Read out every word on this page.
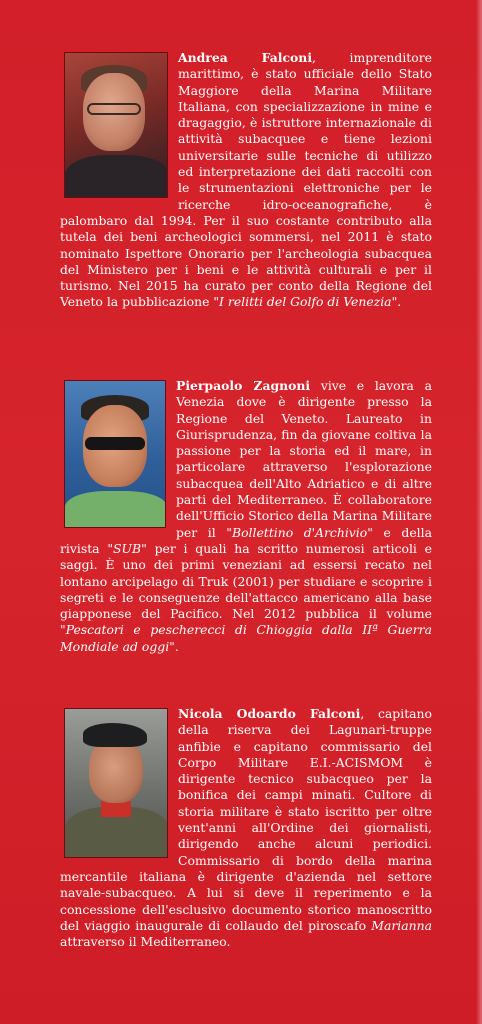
Andrea Falconi, imprenditore marittimo, è stato ufficiale dello Stato Maggiore della Marina Militare Italiana, con specializzazione in mine e dragaggio, è istruttore internazionale di attività subacquee e tiene lezioni universitarie sulle tecniche di utilizzo ed interpretazione dei dati raccolti con le strumentazioni elettroniche per le ricerche idro-oceanografiche, è palombaro dal 1994. Per il suo costante contributo alla tutela dei beni archeologici sommersi, nel 2011 è stato nominato Ispettore Onorario per l'archeologia subacquea del Ministero per i beni e le attività culturali e per il turismo. Nel 2015 ha curato per conto della Regione del Veneto la pubblicazione "I relitti del Golfo di Venezia".

Pierpaolo Zagnoni vive e lavora a Venezia dove è dirigente presso la Regione del Veneto. Laureato in Giurisprudenza, fin da giovane coltiva la passione per la storia ed il mare, in particolare attraverso l'esplorazione subacquea dell'Alto Adriatico e di altre parti del Mediterraneo. È collaboratore dell'Ufficio Storico della Marina Militare per il "Bollettino d'Archivio" e della rivista "SUB" per i quali ha scritto numerosi articoli e saggi. È uno dei primi veneziani ad essersi recato nel lontano arcipelago di Truk (2001) per studiare e scoprire i segreti e le conseguenze dell'attacco americano alla base giapponese del Pacifico. Nel 2012 pubblica il volume "Pescatori e pescherecci di Chioggia dalla IIª Guerra Mondiale ad oggi".

Nicola Odoardo Falconi, capitano della riserva dei Lagunari-truppe anfibie e capitano commissario del Corpo Militare E.I.-ACISMOM è dirigente tecnico subacqueo per la bonifica dei campi minati. Cultore di storia militare è stato iscritto per oltre vent'anni all'Ordine dei giornalisti, dirigendo anche alcuni periodici. Commissario di bordo della marina mercantile italiana è dirigente d'azienda nel settore navale-subacqueo. A lui si deve il reperimento e la concessione dell'esclusivo documento storico manoscritto del viaggio inaugurale di collaudo del piroscafo Marianna attraverso il Mediterraneo.
